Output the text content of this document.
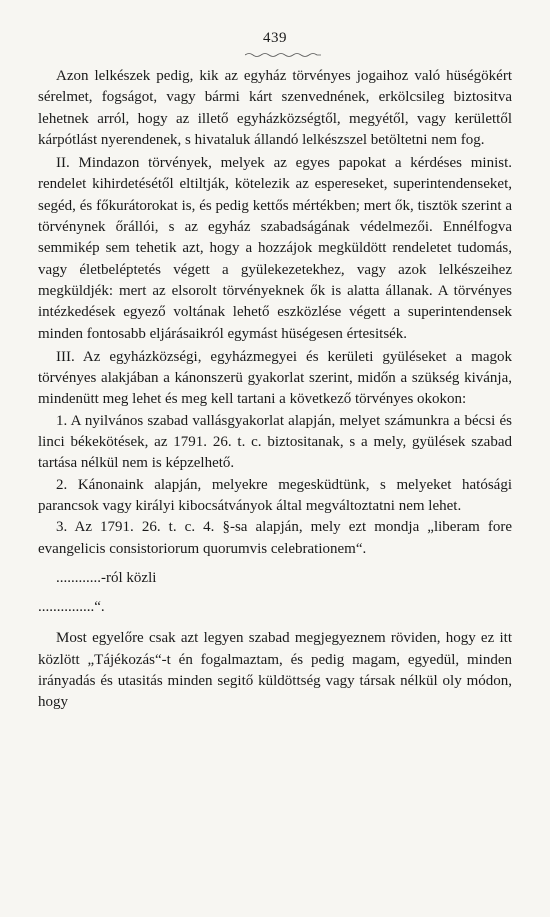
439

Azon lelkészek pedig, kik az egyház törvényes jogaihoz való hüségökért sérelmet, fogságot, vagy bármi kárt szenvednének, erkölcsileg biztositva lehetnek arról, hogy az illető egyházközségtől, megyétől, vagy kerülettől kárpótlást nyerendenek, s hivataluk állandó lelkészszel betöltetni nem fog.

II. Mindazon törvények, melyek az egyes papokat a kérdéses minist. rendelet kihirdetésétől eltiltják, kötelezik az espereseket, superintendenseket, segéd, és főkurátorokat is, és pedig kettős mértékben; mert ők, tisztök szerint a törvénynek őrállói, s az egyház szabadságának védelmezői. Ennélfogva semmikép sem tehetik azt, hogy a hozzájok megküldött rendeletet tudomás, vagy életbeléptetés végett a gyülekezetekhez, vagy azok lelkészeihez megküldjék: mert az elsorolt törvényeknek ők is alatta állanak. A törvényes intézkedések egyező voltának lehető eszközlése végett a superintendensek minden fontosabb eljárásaikról egymást hüségesen értesitsék.

III. Az egyházközségi, egyházmegyei és kerületi gyüléseket a magok törvényes alakjában a kánonszerü gyakorlat szerint, midőn a szükség kivánja, mindenütt meg lehet és meg kell tartani a következő törvényes okokon:

1. A nyilvános szabad vallásgyakorlat alapján, melyet számunkra a bécsi és linci békekötések, az 1791. 26. t. c. biztositanak, s a mely, gyülések szabad tartása nélkül nem is képzelhető.

2. Kánonaink alapján, melyekre megesküdtünk, s melyeket hatósági parancsok vagy királyi kibocsátványok által megváltoztatni nem lehet.

3. Az 1791. 26. t. c. 4. §-sa alapján, mely ezt mondja „liberam fore evangelicis consistoriorum quorumvis celebrationem“.

............-ról közli

...............“.

Most egyelőre csak azt legyen szabad megjegyeznem röviden, hogy ez itt közlött „Tájékozás“-t én fogalmaztam, és pedig magam, egyedül, minden irányadás és utasitás minden segitő küldöttség vagy társak nélkül oly módon, hogy
